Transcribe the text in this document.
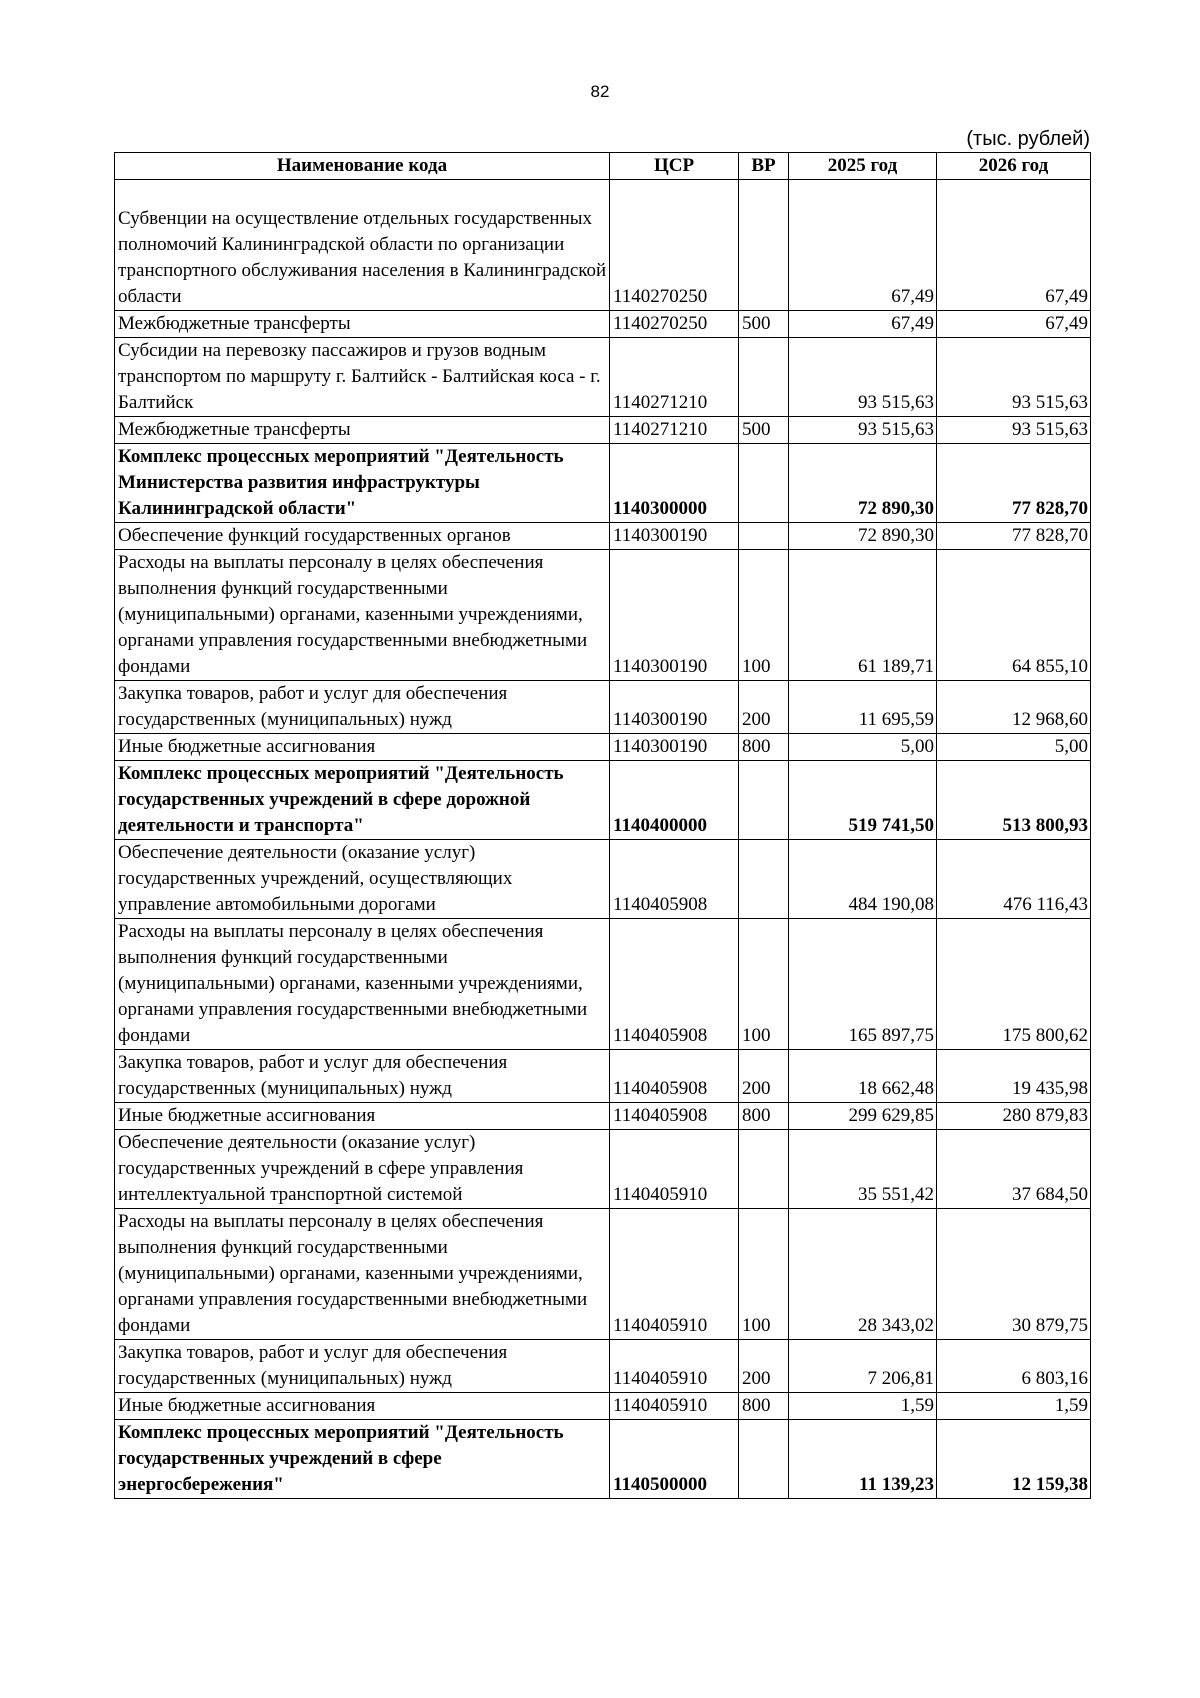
82
(тыс. рублей)
Наименование кода	ЦСР	ВР	2025 год	2026 год

Субвенции на осуществление отдельных государственных полномочий Калининградской области по организации транспортного обслуживания населения в Калининградской области	1140270250		67,49	67,49
Межбюджетные трансферты	1140270250	500	67,49	67,49
Субсидии на перевозку пассажиров и грузов водным транспортом по маршруту г. Балтийск - Балтийская коса - г. Балтийск	1140271210		93 515,63	93 515,63
Межбюджетные трансферты	1140271210	500	93 515,63	93 515,63
Комплекс процессных мероприятий "Деятельность Министерства развития инфраструктуры Калининградской области"	1140300000		72 890,30	77 828,70
Обеспечение функций государственных органов	1140300190		72 890,30	77 828,70
Расходы на выплаты персоналу в целях обеспечения выполнения функций государственными (муниципальными) органами, казенными учреждениями, органами управления государственными внебюджетными фондами	1140300190	100	61 189,71	64 855,10
Закупка товаров, работ и услуг для обеспечения государственных (муниципальных) нужд	1140300190	200	11 695,59	12 968,60
Иные бюджетные ассигнования	1140300190	800	5,00	5,00
Комплекс процессных мероприятий "Деятельность государственных учреждений в сфере дорожной деятельности и транспорта"	1140400000		519 741,50	513 800,93
Обеспечение деятельности (оказание услуг) государственных учреждений, осуществляющих управление автомобильными дорогами	1140405908		484 190,08	476 116,43
Расходы на выплаты персоналу в целях обеспечения выполнения функций государственными (муниципальными) органами, казенными учреждениями, органами управления государственными внебюджетными фондами	1140405908	100	165 897,75	175 800,62
Закупка товаров, работ и услуг для обеспечения государственных (муниципальных) нужд	1140405908	200	18 662,48	19 435,98
Иные бюджетные ассигнования	1140405908	800	299 629,85	280 879,83
Обеспечение деятельности (оказание услуг) государственных учреждений в сфере управления интеллектуальной транспортной системой	1140405910		35 551,42	37 684,50
Расходы на выплаты персоналу в целях обеспечения выполнения функций государственными (муниципальными) органами, казенными учреждениями, органами управления государственными внебюджетными фондами	1140405910	100	28 343,02	30 879,75
Закупка товаров, работ и услуг для обеспечения государственных (муниципальных) нужд	1140405910	200	7 206,81	6 803,16
Иные бюджетные ассигнования	1140405910	800	1,59	1,59
Комплекс процессных мероприятий "Деятельность государственных учреждений в сфере энергосбережения"	1140500000		11 139,23	12 159,38
